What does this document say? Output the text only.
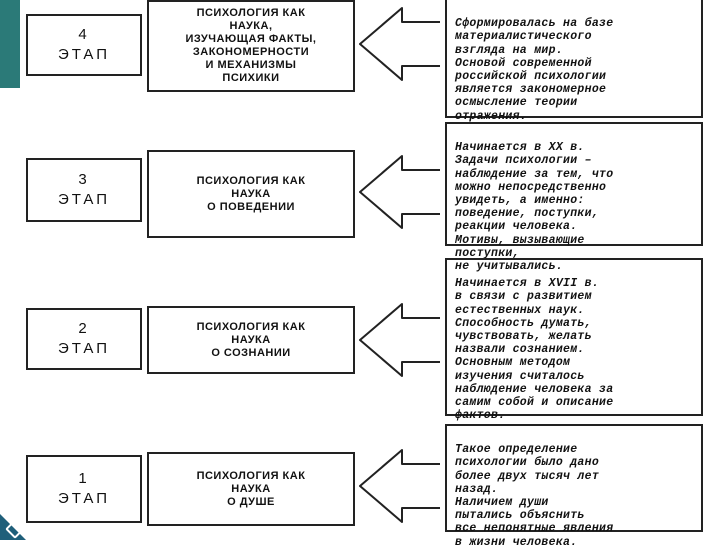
4
ЭТАП
ПСИХОЛОГИЯ КАК
НАУКА,
ИЗУЧАЮЩАЯ ФАКТЫ,
ЗАКОНОМЕРНОСТИ
И МЕХАНИЗМЫ
ПСИХИКИ

Сформировалась на базе
материалистического
взгляда на мир.
Основой современной
российской психологии
является закономерное
осмысление теории
отражения.

3
ЭТАП
ПСИХОЛОГИЯ КАК
НАУКА
О ПОВЕДЕНИИ

Начинается в XX в.
Задачи психологии –
наблюдение за тем, что
можно непосредственно
увидеть, а именно:
поведение, поступки,
реакции человека.
Мотивы, вызывающие
поступки,
не учитывались.

2
ЭТАП
ПСИХОЛОГИЯ КАК
НАУКА
О СОЗНАНИИ

Начинается в XVII в.
в связи с развитием
естественных наук.
Способность думать,
чувствовать, желать
назвали сознанием.
Основным методом
изучения считалось
наблюдение человека за
самим собой и описание
фактов.

1
ЭТАП
ПСИХОЛОГИЯ КАК
НАУКА
О ДУШЕ

Такое определение
психологии было дано
более двух тысяч лет
назад.
Наличием души
пытались объяснить
все непонятные явления
в жизни человека.
